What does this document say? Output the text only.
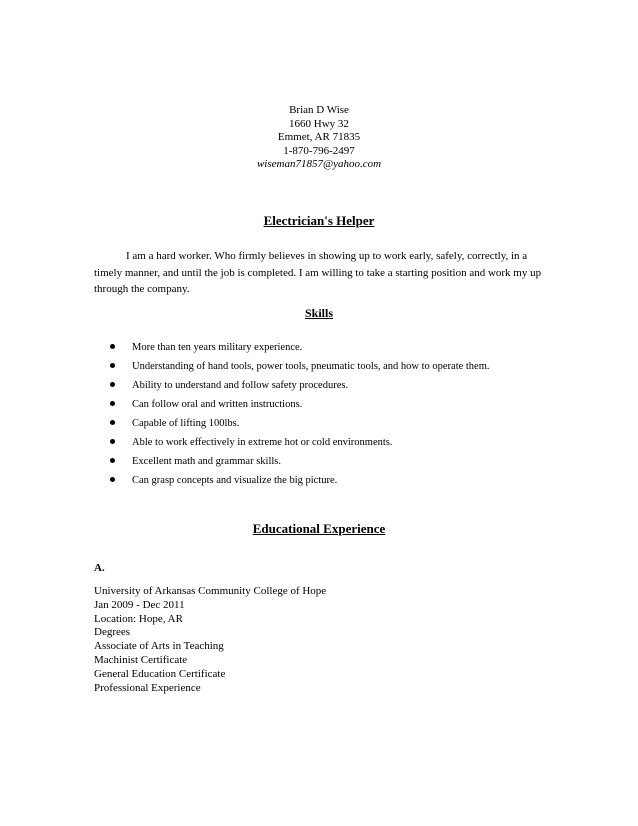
Brian D Wise
1660 Hwy 32
Emmet, AR 71835
1-870-796-2497
wiseman71857@yahoo.com
Electrician's Helper
I am a hard worker. Who firmly believes in showing up to work early, safely, correctly, in a timely manner, and until the job is completed. I am willing to take a starting position and work my up through the company.
Skills
More than ten years military experience.
Understanding of hand tools, power tools, pneumatic tools, and how to operate them.
Ability to understand and follow safety procedures.
Can follow oral and written instructions.
Capable of lifting 100lbs.
Able to work effectively in extreme hot or cold environments.
Excellent math and grammar skills.
Can grasp concepts and visualize the big picture.
Educational Experience
A.
University of Arkansas Community College of Hope
Jan 2009 - Dec 2011
Location: Hope, AR
Degrees
Associate of Arts in Teaching
Machinist Certificate
General Education Certificate
Professional Experience
